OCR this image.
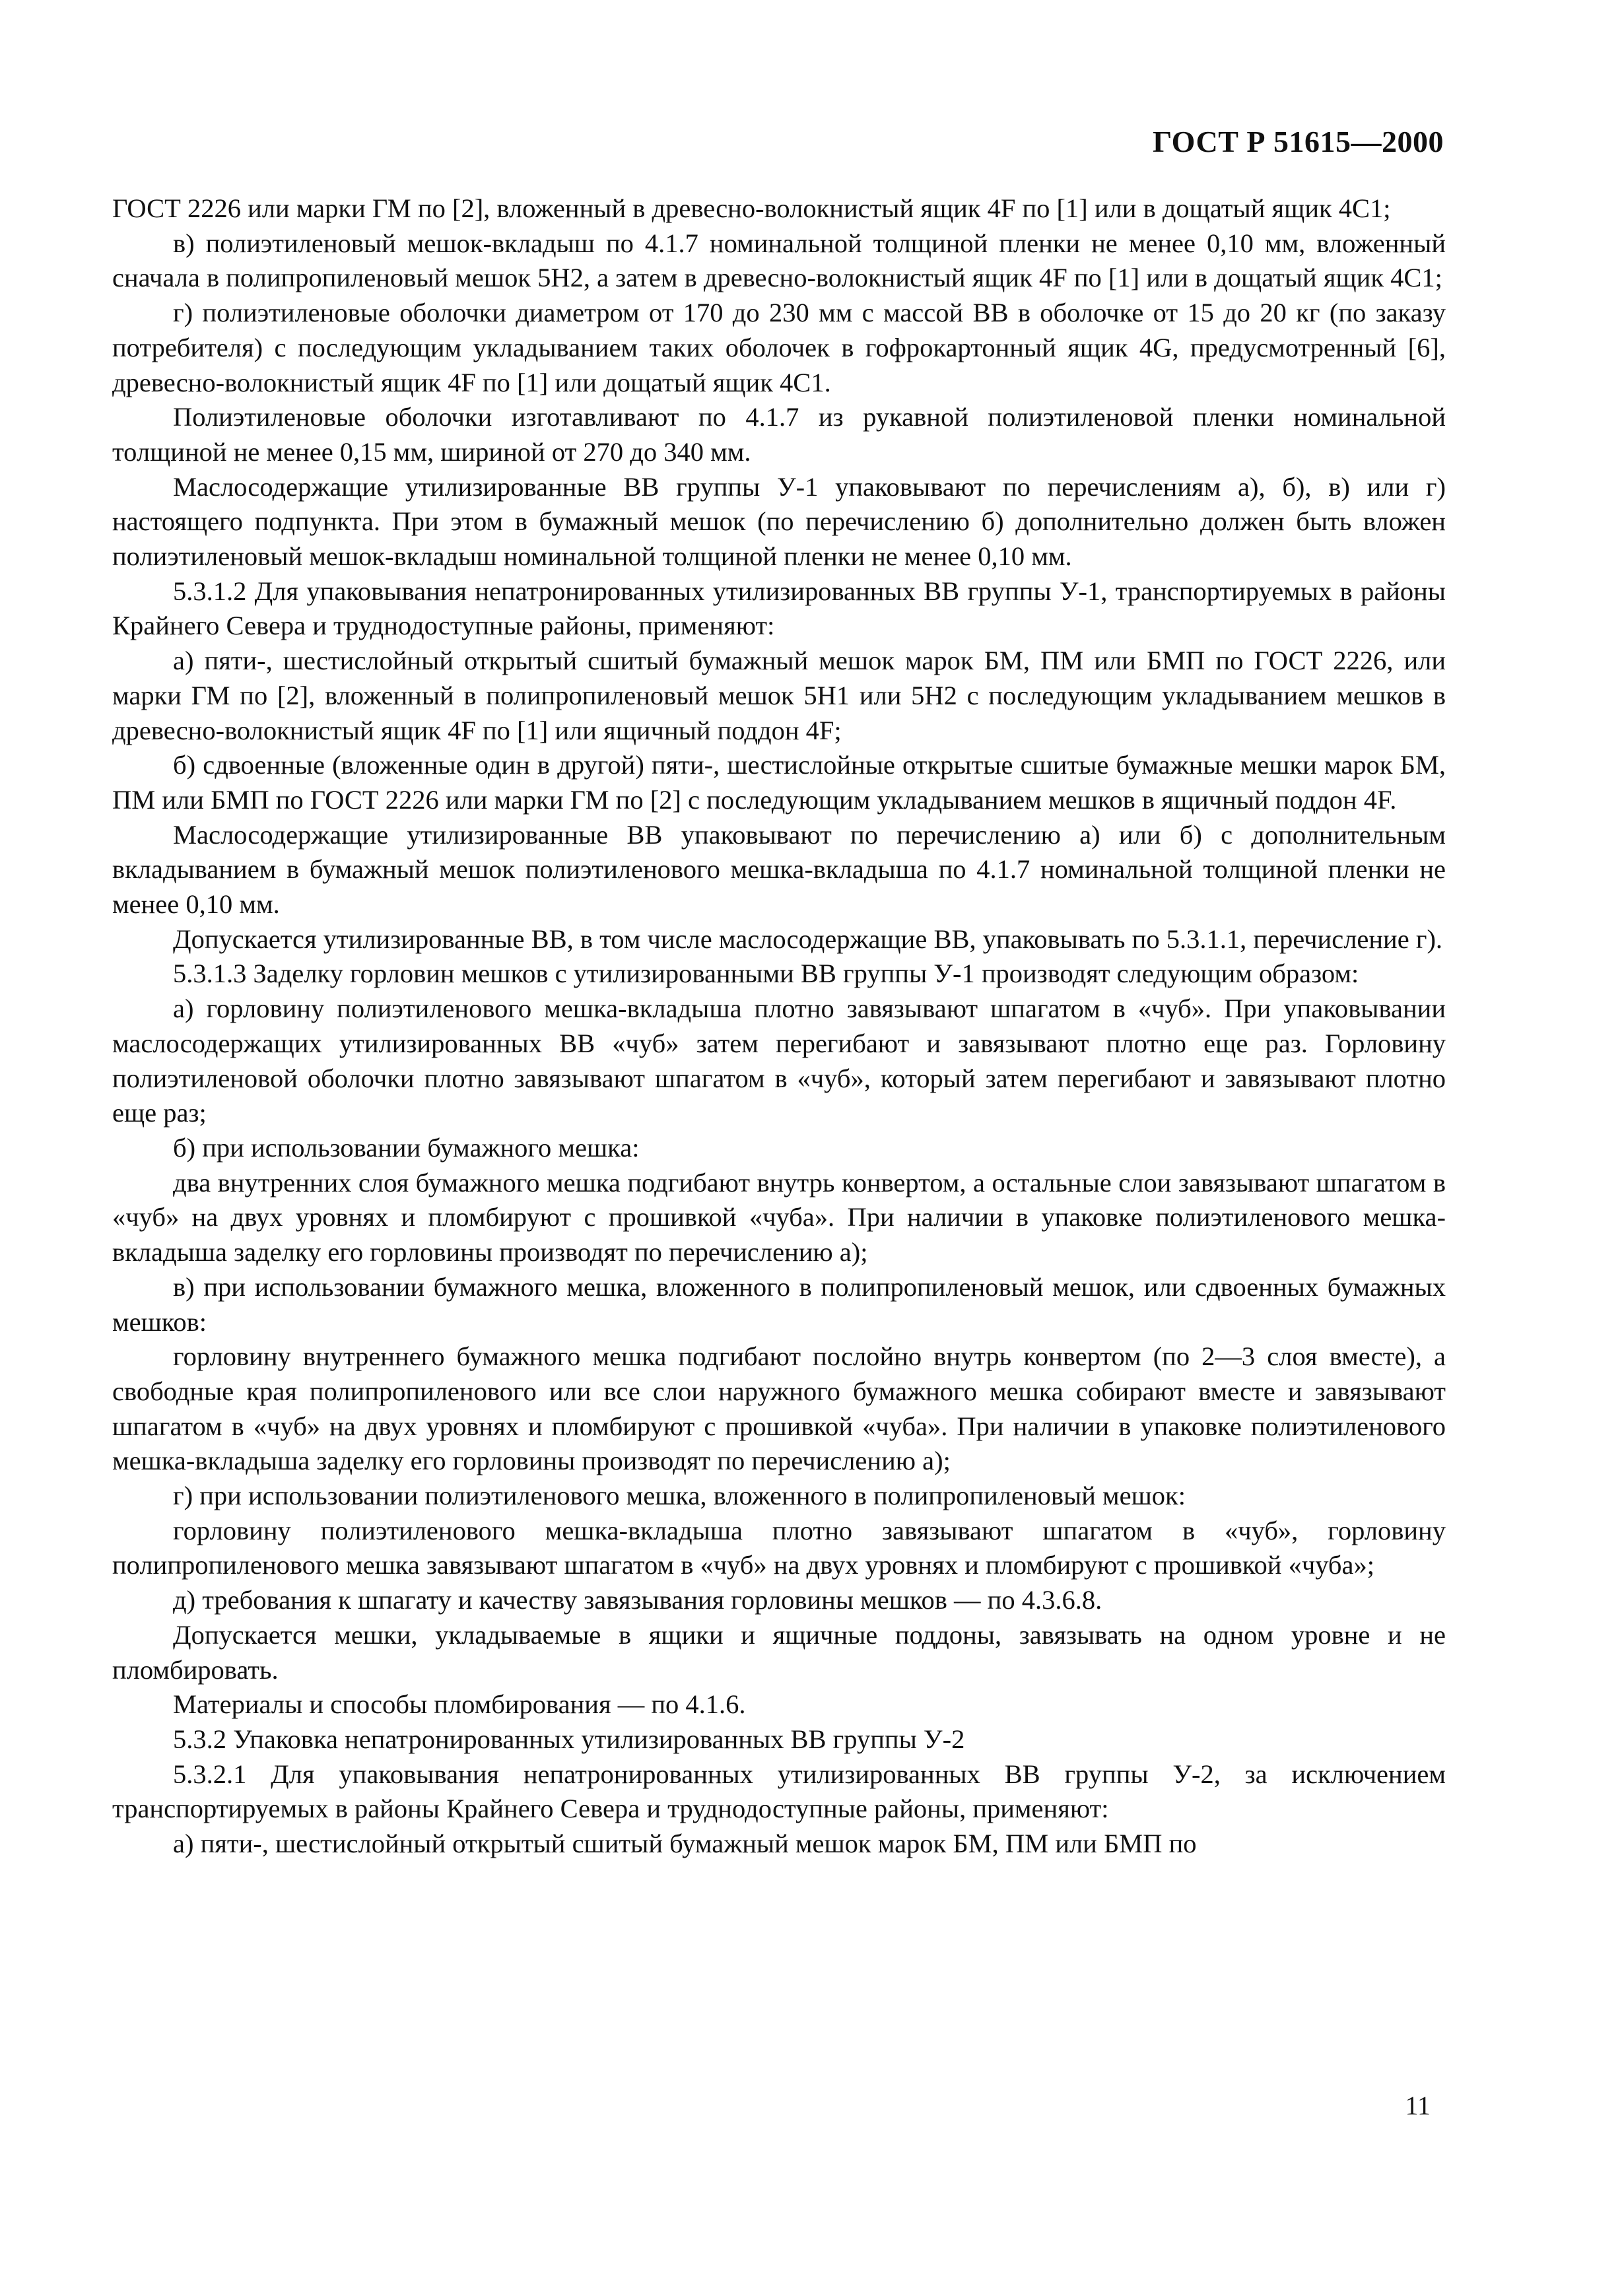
ГОСТ Р 51615—2000

ГОСТ 2226 или марки ГМ по [2], вложенный в древесно-волокнистый ящик 4F по [1] или в дощатый ящик 4C1;

в) полиэтиленовый мешок-вкладыш по 4.1.7 номинальной толщиной пленки не менее 0,10 мм, вложенный сначала в полипропиленовый мешок 5H2, а затем в древесно-волокнистый ящик 4F по [1] или в дощатый ящик 4C1;

г) полиэтиленовые оболочки диаметром от 170 до 230 мм с массой ВВ в оболочке от 15 до 20 кг (по заказу потребителя) с последующим укладыванием таких оболочек в гофрокартонный ящик 4G, предусмотренный [6], древесно-волокнистый ящик 4F по [1] или дощатый ящик 4C1.

Полиэтиленовые оболочки изготавливают по 4.1.7 из рукавной полиэтиленовой пленки номинальной толщиной не менее 0,15 мм, шириной от 270 до 340 мм.

Маслосодержащие утилизированные ВВ группы У-1 упаковывают по перечислениям а), б), в) или г) настоящего подпункта. При этом в бумажный мешок (по перечислению б) дополнительно должен быть вложен полиэтиленовый мешок-вкладыш номинальной толщиной пленки не менее 0,10 мм.

5.3.1.2 Для упаковывания непатронированных утилизированных ВВ группы У-1, транспортируемых в районы Крайнего Севера и труднодоступные районы, применяют:

а) пяти-, шестислойный открытый сшитый бумажный мешок марок БМ, ПМ или БМП по ГОСТ 2226, или марки ГМ по [2], вложенный в полипропиленовый мешок 5H1 или 5H2 с последующим укладыванием мешков в древесно-волокнистый ящик 4F по [1] или ящичный поддон 4F;

б) сдвоенные (вложенные один в другой) пяти-, шестислойные открытые сшитые бумажные мешки марок БМ, ПМ или БМП по ГОСТ 2226 или марки ГМ по [2] с последующим укладыванием мешков в ящичный поддон 4F.

Маслосодержащие утилизированные ВВ упаковывают по перечислению а) или б) с дополнительным вкладыванием в бумажный мешок полиэтиленового мешка-вкладыша по 4.1.7 номинальной толщиной пленки не менее 0,10 мм.

Допускается утилизированные ВВ, в том числе маслосодержащие ВВ, упаковывать по 5.3.1.1, перечисление г).

5.3.1.3 Заделку горловин мешков с утилизированными ВВ группы У-1 производят следующим образом:

а) горловину полиэтиленового мешка-вкладыша плотно завязывают шпагатом в «чуб». При упаковывании маслосодержащих утилизированных ВВ «чуб» затем перегибают и завязывают плотно еще раз. Горловину полиэтиленовой оболочки плотно завязывают шпагатом в «чуб», который затем перегибают и завязывают плотно еще раз;

б) при использовании бумажного мешка:

два внутренних слоя бумажного мешка подгибают внутрь конвертом, а остальные слои завязывают шпагатом в «чуб» на двух уровнях и пломбируют с прошивкой «чуба». При наличии в упаковке полиэтиленового мешка-вкладыша заделку его горловины производят по перечислению а);

в) при использовании бумажного мешка, вложенного в полипропиленовый мешок, или сдвоенных бумажных мешков:

горловину внутреннего бумажного мешка подгибают послойно внутрь конвертом (по 2—3 слоя вместе), а свободные края полипропиленового или все слои наружного бумажного мешка собирают вместе и завязывают шпагатом в «чуб» на двух уровнях и пломбируют с прошивкой «чуба». При наличии в упаковке полиэтиленового мешка-вкладыша заделку его горловины производят по перечислению а);

г) при использовании полиэтиленового мешка, вложенного в полипропиленовый мешок:

горловину полиэтиленового мешка-вкладыша плотно завязывают шпагатом в «чуб», горловину полипропиленового мешка завязывают шпагатом в «чуб» на двух уровнях и пломбируют с прошивкой «чуба»;

д) требования к шпагату и качеству завязывания горловины мешков — по 4.3.6.8.

Допускается мешки, укладываемые в ящики и ящичные поддоны, завязывать на одном уровне и не пломбировать.

Материалы и способы пломбирования — по 4.1.6.

5.3.2 Упаковка непатронированных утилизированных ВВ группы У-2

5.3.2.1 Для упаковывания непатронированных утилизированных ВВ группы У-2, за исключением транспортируемых в районы Крайнего Севера и труднодоступные районы, применяют:

а) пяти-, шестислойный открытый сшитый бумажный мешок марок БМ, ПМ или БМП по

11
